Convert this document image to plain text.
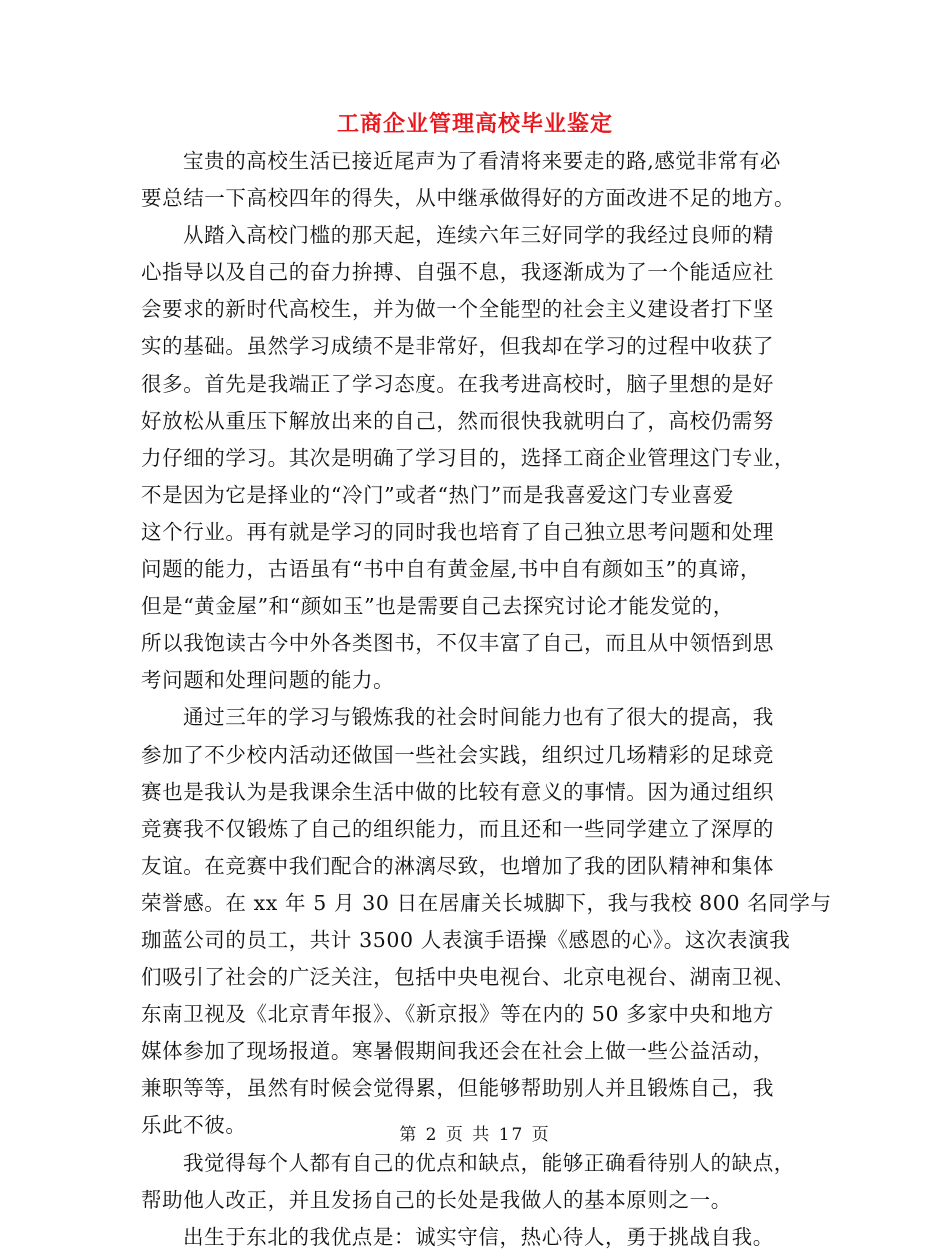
工商企业管理高校毕业鉴定
宝贵的高校生活已接近尾声为了看清将来要走的路,感觉非常有必
要总结一下高校四年的得失，从中继承做得好的方面改进不足的地方。
从踏入高校门槛的那天起，连续六年三好同学的我经过良师的精
心指导以及自己的奋力拚搏、自强不息，我逐渐成为了一个能适应社
会要求的新时代高校生，并为做一个全能型的社会主义建设者打下坚
实的基础。虽然学习成绩不是非常好，但我却在学习的过程中收获了
很多。首先是我端正了学习态度。在我考进高校时，脑子里想的是好
好放松从重压下解放出来的自己，然而很快我就明白了，高校仍需努
力仔细的学习。其次是明确了学习目的，选择工商企业管理这门专业，
不是因为它是择业的“冷门”或者“热门”而是我喜爱这门专业喜爱
这个行业。再有就是学习的同时我也培育了自己独立思考问题和处理
问题的能力，古语虽有“书中自有黄金屋,书中自有颜如玉”的真谛，
但是“黄金屋”和“颜如玉”也是需要自己去探究讨论才能发觉的，
所以我饱读古今中外各类图书，不仅丰富了自己，而且从中领悟到思
考问题和处理问题的能力。
通过三年的学习与锻炼我的社会时间能力也有了很大的提高，我
参加了不少校内活动还做国一些社会实践，组织过几场精彩的足球竞
赛也是我认为是我课余生活中做的比较有意义的事情。因为通过组织
竞赛我不仅锻炼了自己的组织能力，而且还和一些同学建立了深厚的
友谊。在竞赛中我们配合的淋漓尽致，也增加了我的团队精神和集体
荣誉感。在 xx 年 5 月 30 日在居庸关长城脚下，我与我校 800 名同学与
珈蓝公司的员工，共计 3500 人表演手语操《感恩的心》。这次表演我
们吸引了社会的广泛关注，包括中央电视台、北京电视台、湖南卫视、
东南卫视及《北京青年报》、《新京报》等在内的 50 多家中央和地方
媒体参加了现场报道。寒暑假期间我还会在社会上做一些公益活动，
兼职等等，虽然有时候会觉得累，但能够帮助别人并且锻炼自己，我
乐此不彼。
我觉得每个人都有自己的优点和缺点，能够正确看待别人的缺点，
帮助他人改正，并且发扬自己的长处是我做人的基本原则之一。
出生于东北的我优点是：诚实守信，热心待人，勇于挑战自我。
第 2 页 共 17 页
